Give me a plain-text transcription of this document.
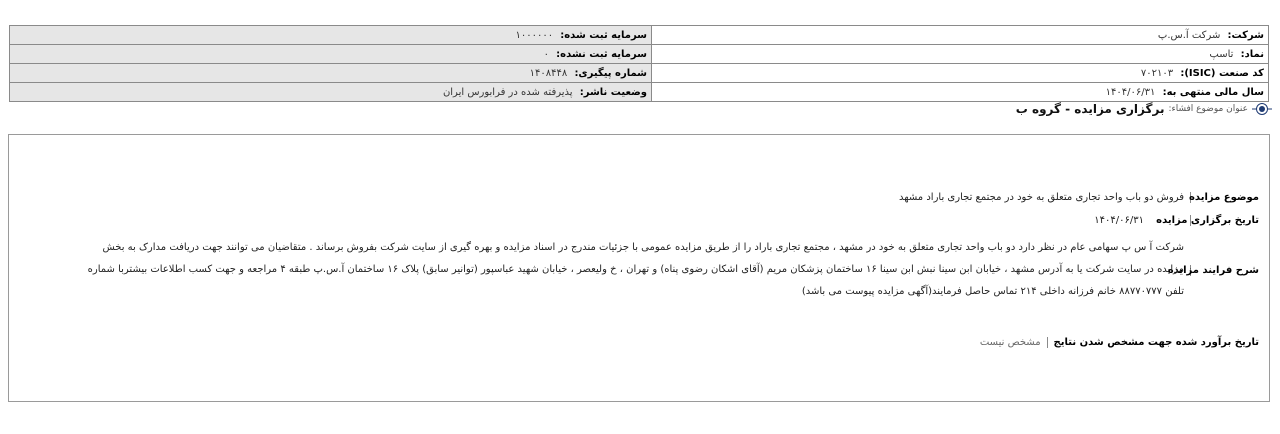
شرکت: شرکت آ.س.پ	سرمایه ثبت شده: ۱۰۰۰۰۰۰
نماد: تاسپ	سرمایه ثبت نشده: ۰
کد صنعت (ISIC): ۷۰۲۱۰۳	شماره پیگیری: ۱۴۰۸۴۴۸
سال مالی منتهی به: ۱۴۰۴/۰۶/۳۱	وضعیت ناشر: پذیرفته شده در فرابورس ایران
عنوان موضوع افشاء:
برگزاری مزایده - گروه ب
موضوع مزایده
فروش دو باب واحد تجاری متعلق به خود در مجتمع تجاری باراد مشهد
تاریخ برگزاری مزایده
۱۴۰۴/۰۶/۳۱
شرح فرایند مزایده
شرکت آ س پ سهامی عام در نظر دارد دو باب واحد تجاری متعلق به خود در مشهد ، مجتمع تجاری باراد را از طریق مزایده عمومی با جزئیات مندرج در اسناد مزایده و بهره گیری از سایت شرکت بفروش برساند . متقاضیان می توانند جهت دریافت مدارک به بخش مزایده در سایت شرکت یا به آدرس مشهد ، خیابان ابن سینا نبش ابن سینا ۱۶ ساختمان پزشکان مریم (آقای اشکان رضوی پناه) و تهران ، خ ولیعصر ، خیابان شهید عباسپور (توانیر سابق) پلاک ۱۶ ساختمان آ.س.پ طبقه ۴ مراجعه و جهت کسب اطلاعات بیشتربا شماره تلفن ۸۸۷۷۰۷۷۷ خانم فرزانه داخلی ۲۱۴ تماس حاصل فرمایند(آگهی مزایده پیوست می باشد)
تاریخ برآورد شده جهت مشخص شدن نتایج
مشخص نیست
